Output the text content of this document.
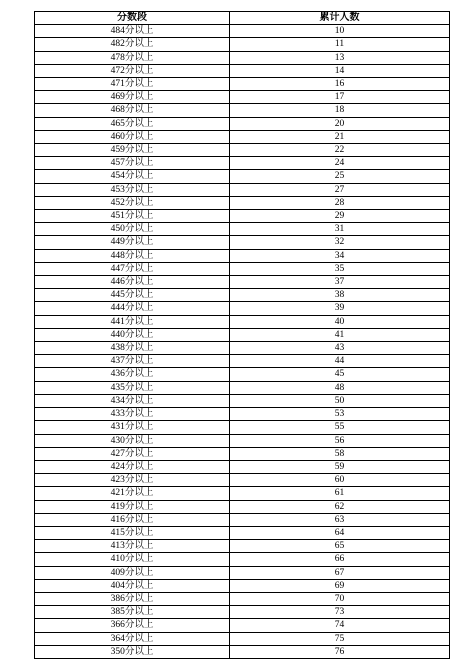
分数段	累计人数
484分以上	10
482分以上	11
478分以上	13
472分以上	14
471分以上	16
469分以上	17
468分以上	18
465分以上	20
460分以上	21
459分以上	22
457分以上	24
454分以上	25
453分以上	27
452分以上	28
451分以上	29
450分以上	31
449分以上	32
448分以上	34
447分以上	35
446分以上	37
445分以上	38
444分以上	39
441分以上	40
440分以上	41
438分以上	43
437分以上	44
436分以上	45
435分以上	48
434分以上	50
433分以上	53
431分以上	55
430分以上	56
427分以上	58
424分以上	59
423分以上	60
421分以上	61
419分以上	62
416分以上	63
415分以上	64
413分以上	65
410分以上	66
409分以上	67
404分以上	69
386分以上	70
385分以上	73
366分以上	74
364分以上	75
350分以上	76
